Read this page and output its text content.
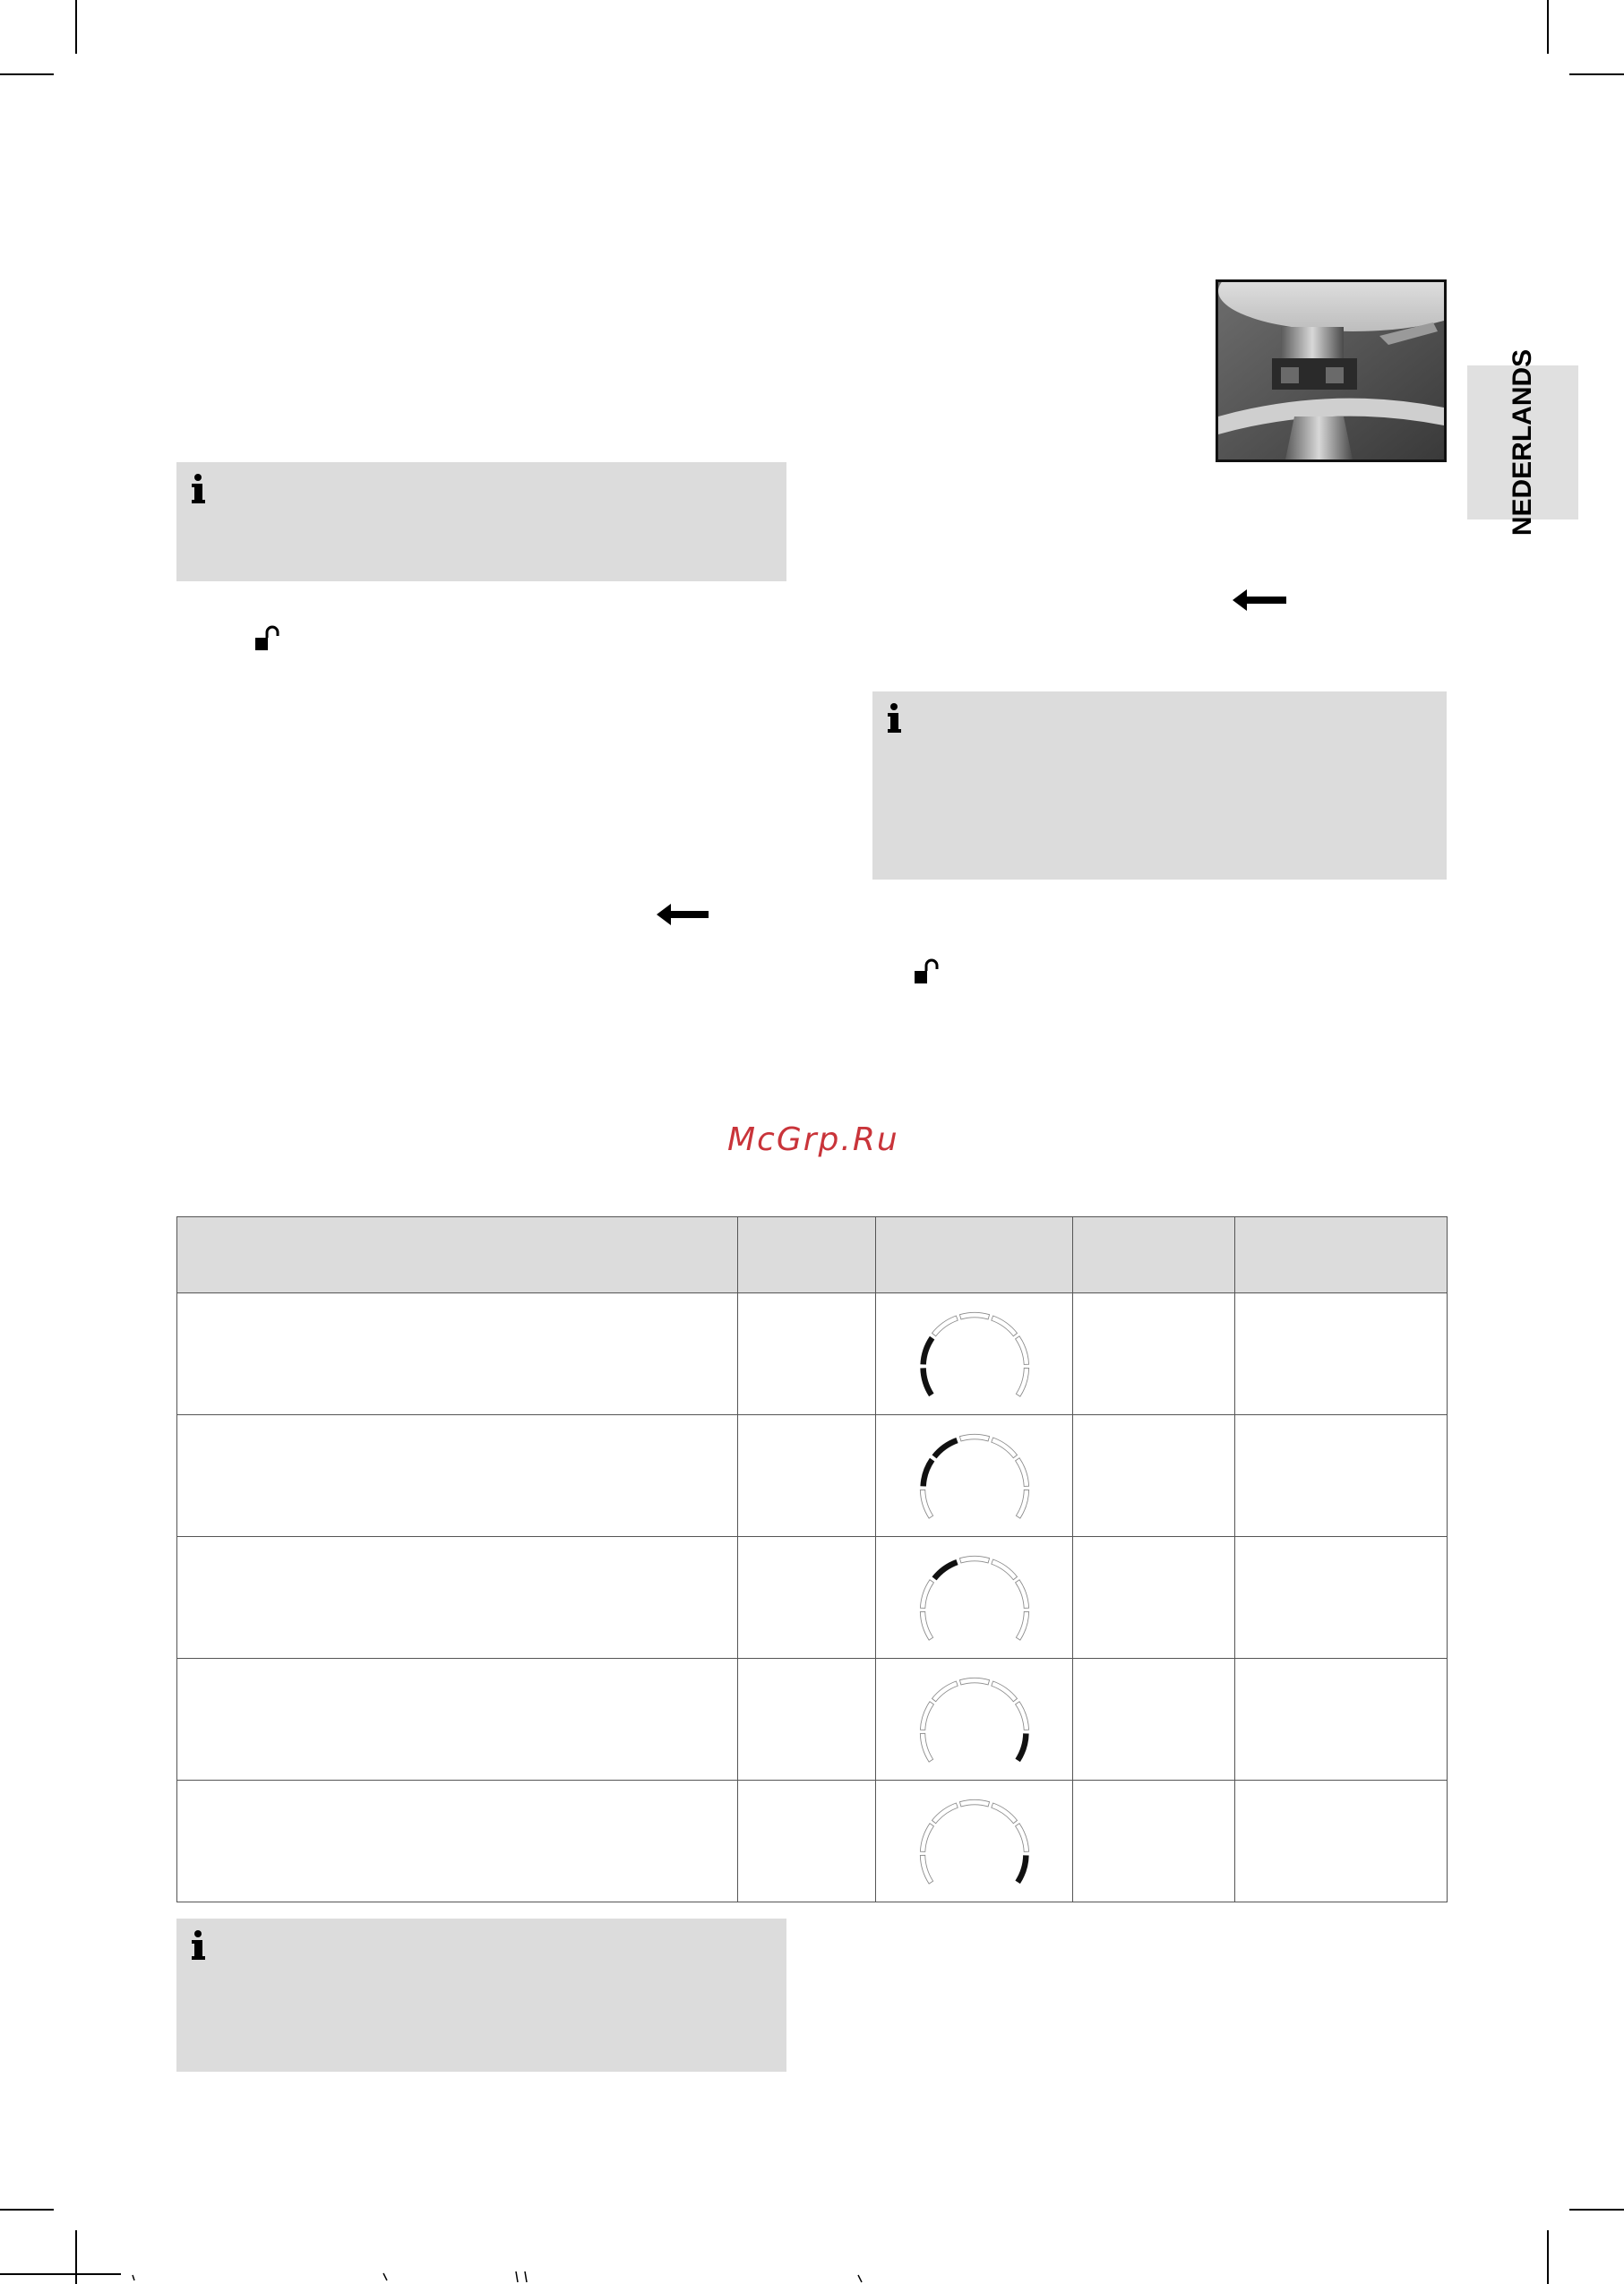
NEDERLANDS
McGrp.Ru
